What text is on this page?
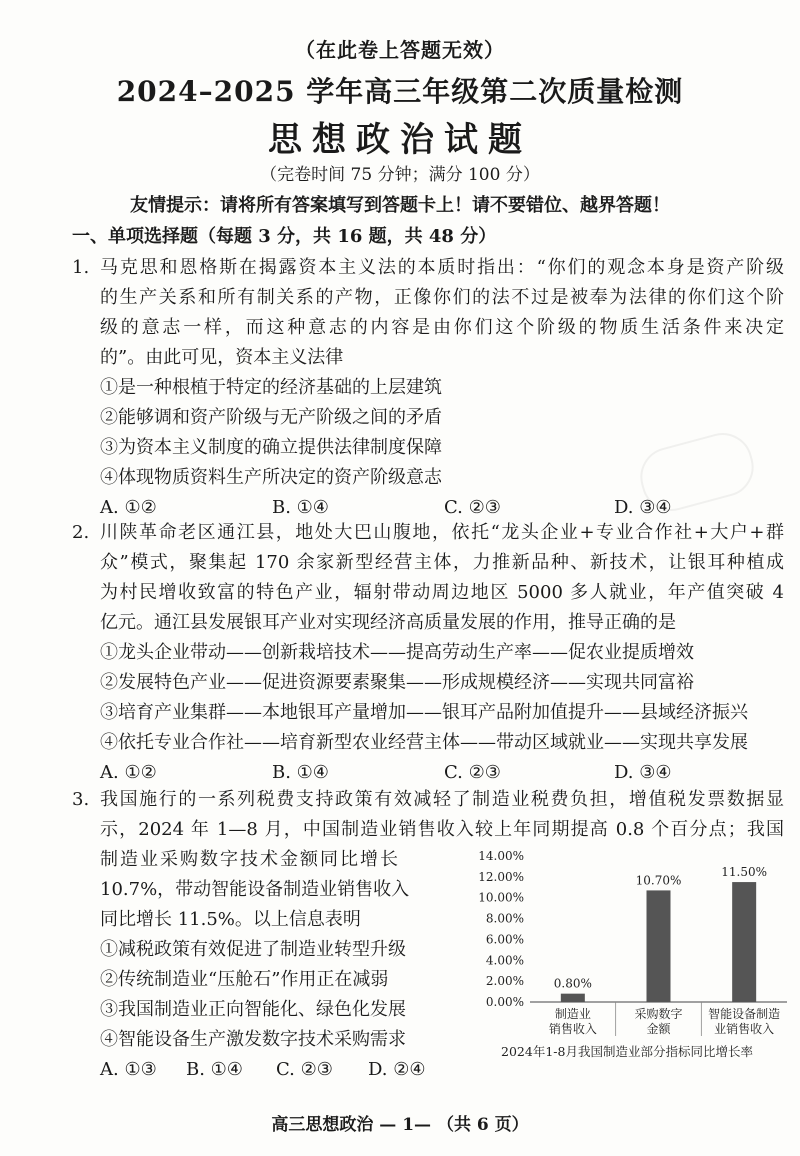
（在此卷上答题无效）
2024–2025 学年高三年级第二次质量检测
思想政治试题
（完卷时间 75 分钟；满分 100 分）
友情提示：请将所有答案填写到答题卡上！请不要错位、越界答题！
一、单项选择题（每题 3 分，共 16 题，共 48 分）
1. 马克思和恩格斯在揭露资本主义法的本质时指出：“你们的观念本身是资产阶级
的生产关系和所有制关系的产物，正像你们的法不过是被奉为法律的你们这个阶
级的意志一样，而这种意志的内容是由你们这个阶级的物质生活条件来决定
的”。由此可见，资本主义法律
①是一种根植于特定的经济基础的上层建筑
②能够调和资产阶级与无产阶级之间的矛盾
③为资本主义制度的确立提供法律制度保障
④体现物质资料生产所决定的资产阶级意志
A. ①②	B. ①④	C. ②③	D. ③④
2. 川陕革命老区通江县，地处大巴山腹地，依托“龙头企业+专业合作社+大户+群
众”模式，聚集起 170 余家新型经营主体，力推新品种、新技术，让银耳种植成
为村民增收致富的特色产业，辐射带动周边地区 5000 多人就业，年产值突破 4
亿元。通江县发展银耳产业对实现经济高质量发展的作用，推导正确的是
①龙头企业带动——创新栽培技术——提高劳动生产率——促农业提质增效
②发展特色产业——促进资源要素聚集——形成规模经济——实现共同富裕
③培育产业集群——本地银耳产量增加——银耳产品附加值提升——县域经济振兴
④依托专业合作社——培育新型农业经营主体——带动区域就业——实现共享发展
A. ①②	B. ①④	C. ②③	D. ③④
3. 我国施行的一系列税费支持政策有效减轻了制造业税费负担，增值税发票数据显
示，2024 年 1—8 月，中国制造业销售收入较上年同期提高 0.8 个百分点；我国
制造业采购数字技术金额同比增长
10.7%，带动智能设备制造业销售收入
同比增长 11.5%。以上信息表明
①减税政策有效促进了制造业转型升级
②传统制造业“压舱石”作用正在减弱
③我国制造业正向智能化、绿色化发展
④智能设备生产激发数字技术采购需求
A. ①③ B. ①④ C. ②③ D. ②④
0.00%
2.00%
4.00%
6.00%
8.00%
10.00%
12.00%
14.00%
0.80%
制造业
销售收入
10.70%
采购数字
金额
11.50%
智能设备制造
业销售收入
2024年1-8月我国制造业部分指标同比增长率
高三思想政治 — 1— （共 6 页）
